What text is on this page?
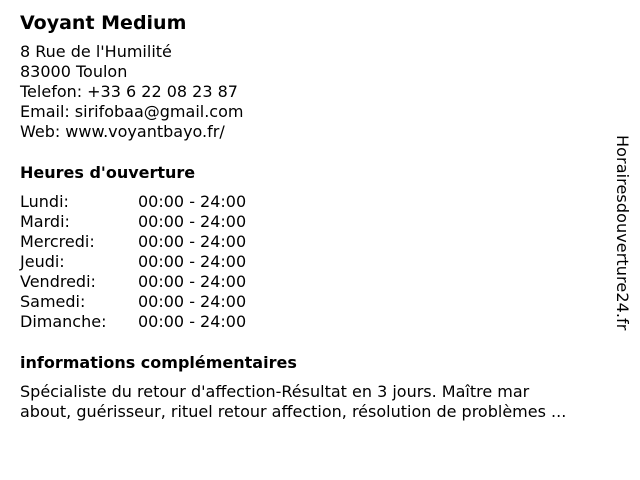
Voyant Medium
8 Rue de l'Humilité
83000 Toulon
Telefon: +33 6 22 08 23 87
Email: sirifobaa@gmail.com
Web: www.voyantbayo.fr/
Heures d'ouverture
Lundi:	00:00 - 24:00
Mardi:	00:00 - 24:00
Mercredi:	00:00 - 24:00
Jeudi:	00:00 - 24:00
Vendredi:	00:00 - 24:00
Samedi:	00:00 - 24:00
Dimanche:	00:00 - 24:00
informations complémentaires
Spécialiste du retour d'affection-Résultat en 3 jours. Maître mar
about, guérisseur, rituel retour affection, résolution de problèmes ...
Horairesdouverture24.fr
